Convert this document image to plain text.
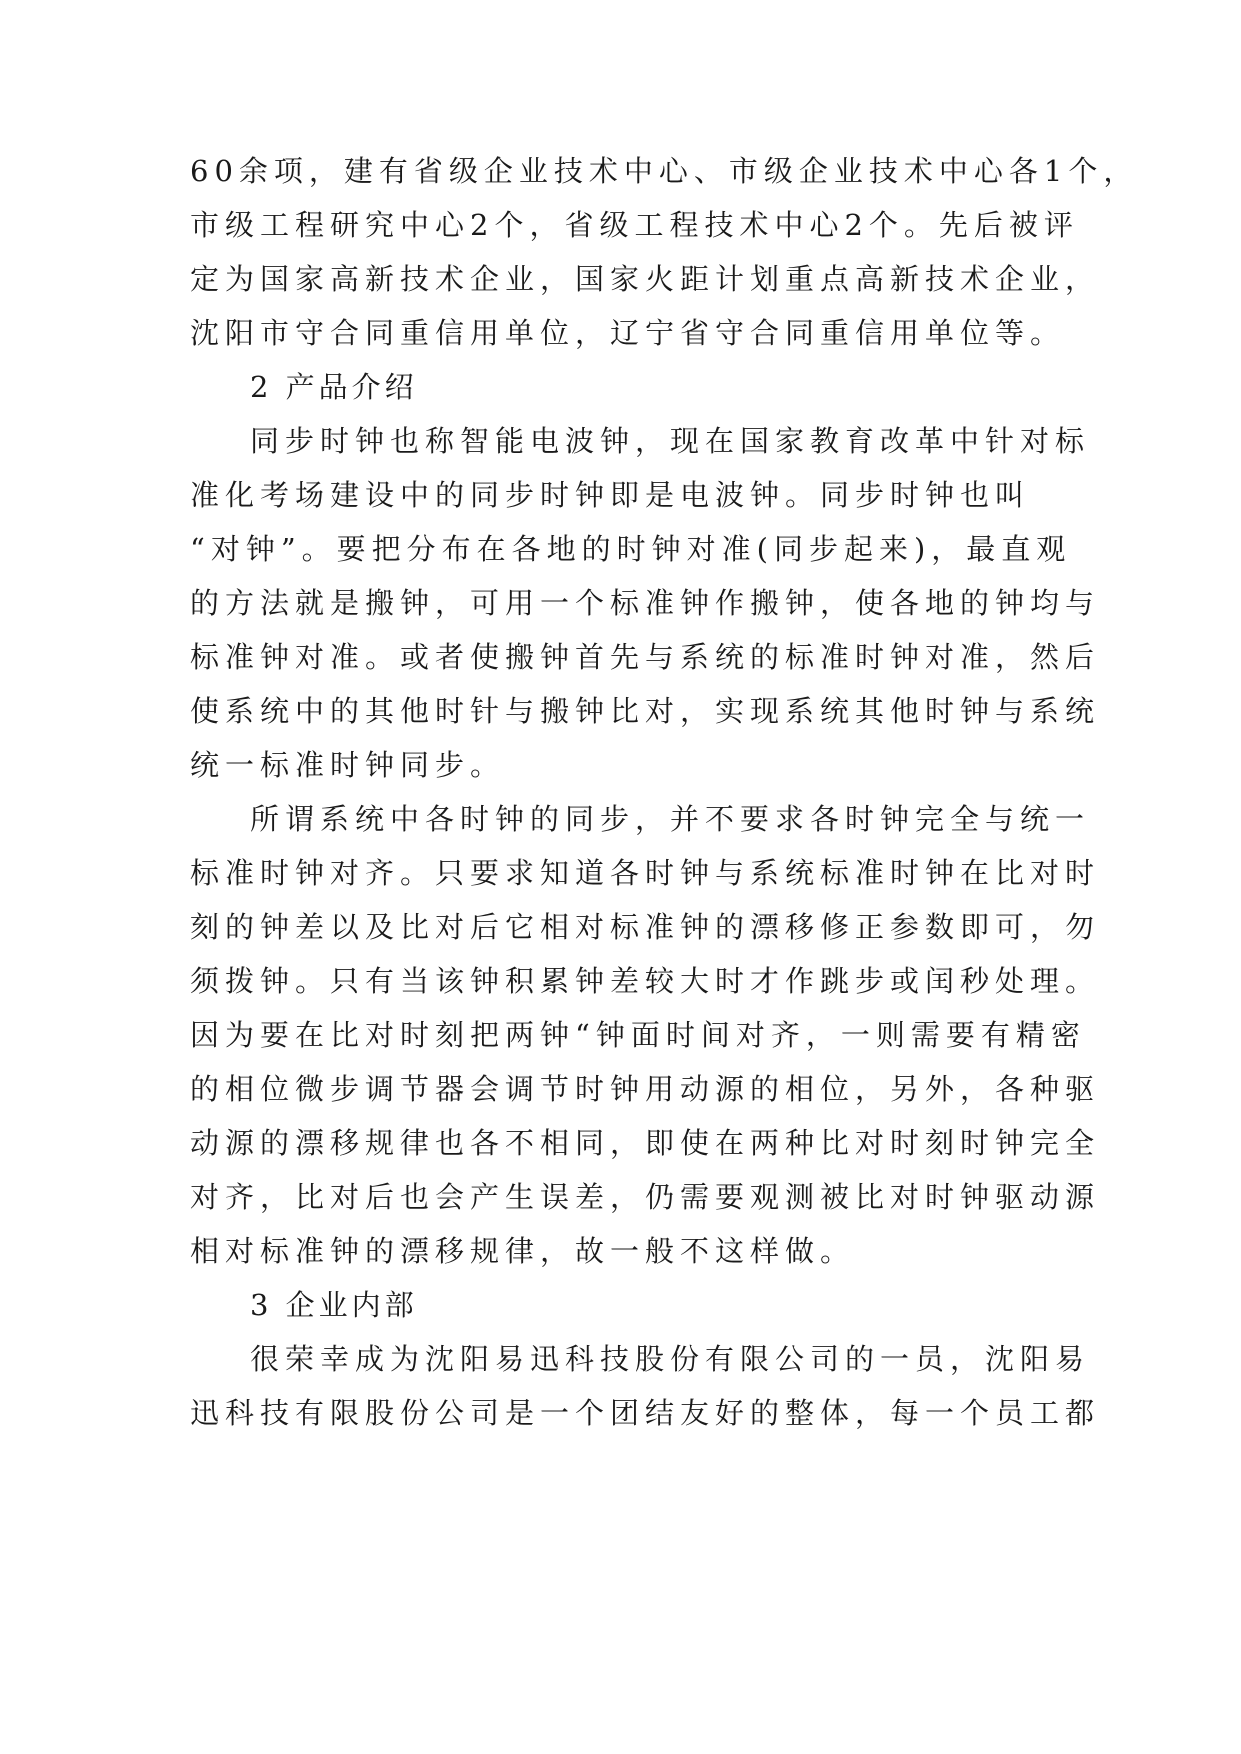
60余项，建有省级企业技术中心、市级企业技术中心各1个，

市级工程研究中心2个，省级工程技术中心2个。先后被评

定为国家高新技术企业，国家火距计划重点高新技术企业，

沈阳市守合同重信用单位，辽宁省守合同重信用单位等。

2 产品介绍

同步时钟也称智能电波钟，现在国家教育改革中针对标

准化考场建设中的同步时钟即是电波钟。同步时钟也叫

“对钟”。要把分布在各地的时钟对准(同步起来)，最直观

的方法就是搬钟，可用一个标准钟作搬钟，使各地的钟均与

标准钟对准。或者使搬钟首先与系统的标准时钟对准，然后

使系统中的其他时针与搬钟比对，实现系统其他时钟与系统

统一标准时钟同步。

所谓系统中各时钟的同步，并不要求各时钟完全与统一

标准时钟对齐。只要求知道各时钟与系统标准时钟在比对时

刻的钟差以及比对后它相对标准钟的漂移修正参数即可，勿

须拨钟。只有当该钟积累钟差较大时才作跳步或闰秒处理。

因为要在比对时刻把两钟“钟面时间对齐，一则需要有精密

的相位微步调节器会调节时钟用动源的相位，另外，各种驱

动源的漂移规律也各不相同，即使在两种比对时刻时钟完全

对齐，比对后也会产生误差，仍需要观测被比对时钟驱动源

相对标准钟的漂移规律，故一般不这样做。

3 企业内部

很荣幸成为沈阳易迅科技股份有限公司的一员，沈阳易

迅科技有限股份公司是一个团结友好的整体，每一个员工都
